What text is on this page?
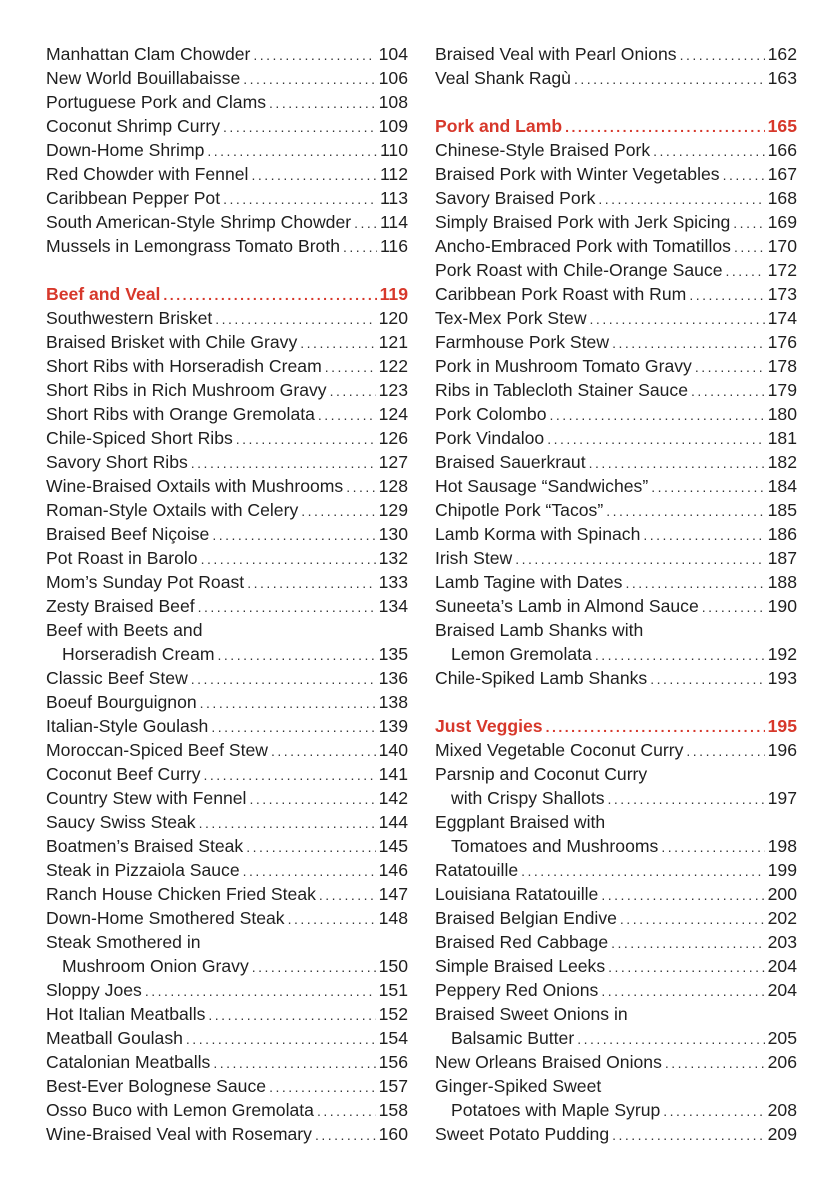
Manhattan Clam Chowder .....	104
New World Bouillabaisse .....	106
Portuguese Pork and Clams .....	108
Coconut Shrimp Curry .....	109
Down-Home Shrimp .....	110
Red Chowder with Fennel .....	112
Caribbean Pepper Pot .....	113
South American-Style Shrimp Chowder ..... 114
Mussels in Lemongrass Tomato Broth ..... 116
Beef and Veal .....	119
Southwestern Brisket .....	120
Braised Brisket with Chile Gravy .....	121
Short Ribs with Horseradish Cream .....	122
Short Ribs in Rich Mushroom Gravy .....	123
Short Ribs with Orange Gremolata .....	124
Chile-Spiced Short Ribs .....	126
Savory Short Ribs .....	127
Wine-Braised Oxtails with Mushrooms ..... 128
Roman-Style Oxtails with Celery .....	129
Braised Beef Niçoise .....	130
Pot Roast in Barolo .....	132
Mom’s Sunday Pot Roast .....	133
Zesty Braised Beef .....	134
Beef with Beets and
Horseradish Cream .....	135
Classic Beef Stew .....	136
Boeuf Bourguignon .....	138
Italian-Style Goulash .....	139
Moroccan-Spiced Beef Stew .....	140
Coconut Beef Curry .....	141
Country Stew with Fennel .....	142
Saucy Swiss Steak .....	144
Boatmen’s Braised Steak .....	145
Steak in Pizzaiola Sauce .....	146
Ranch House Chicken Fried Steak .....	147
Down-Home Smothered Steak .....	148
Steak Smothered in
Mushroom Onion Gravy .....	150
Sloppy Joes .....	151
Hot Italian Meatballs .....	152
Meatball Goulash .....	154
Catalonian Meatballs .....	156
Best-Ever Bolognese Sauce .....	157
Osso Buco with Lemon Gremolata .....	158
Wine-Braised Veal with Rosemary .....	160
Braised Veal with Pearl Onions .....	162
Veal Shank Ragù .....	163
Pork and Lamb .....	165
Chinese-Style Braised Pork .....	166
Braised Pork with Winter Vegetables .....	167
Savory Braised Pork .....	168
Simply Braised Pork with Jerk Spicing ..... 169
Ancho-Embraced Pork with Tomatillos ..... 170
Pork Roast with Chile-Orange Sauce .....	172
Caribbean Pork Roast with Rum .....	173
Tex-Mex Pork Stew .....	174
Farmhouse Pork Stew .....	176
Pork in Mushroom Tomato Gravy .....	178
Ribs in Tablecloth Stainer Sauce .....	179
Pork Colombo .....	180
Pork Vindaloo .....	181
Braised Sauerkraut .....	182
Hot Sausage “Sandwiches” .....	184
Chipotle Pork “Tacos” .....	185
Lamb Korma with Spinach .....	186
Irish Stew .....	187
Lamb Tagine with Dates .....	188
Suneeta’s Lamb in Almond Sauce .....	190
Braised Lamb Shanks with
Lemon Gremolata .....	192
Chile-Spiked Lamb Shanks .....	193
Just Veggies .....	195
Mixed Vegetable Coconut Curry .....	196
Parsnip and Coconut Curry
with Crispy Shallots .....	197
Eggplant Braised with
Tomatoes and Mushrooms .....	198
Ratatouille .....	199
Louisiana Ratatouille .....	200
Braised Belgian Endive .....	202
Braised Red Cabbage .....	203
Simple Braised Leeks .....	204
Peppery Red Onions .....	204
Braised Sweet Onions in
Balsamic Butter .....	205
New Orleans Braised Onions .....	206
Ginger-Spiked Sweet
Potatoes with Maple Syrup .....	208
Sweet Potato Pudding .....	209
